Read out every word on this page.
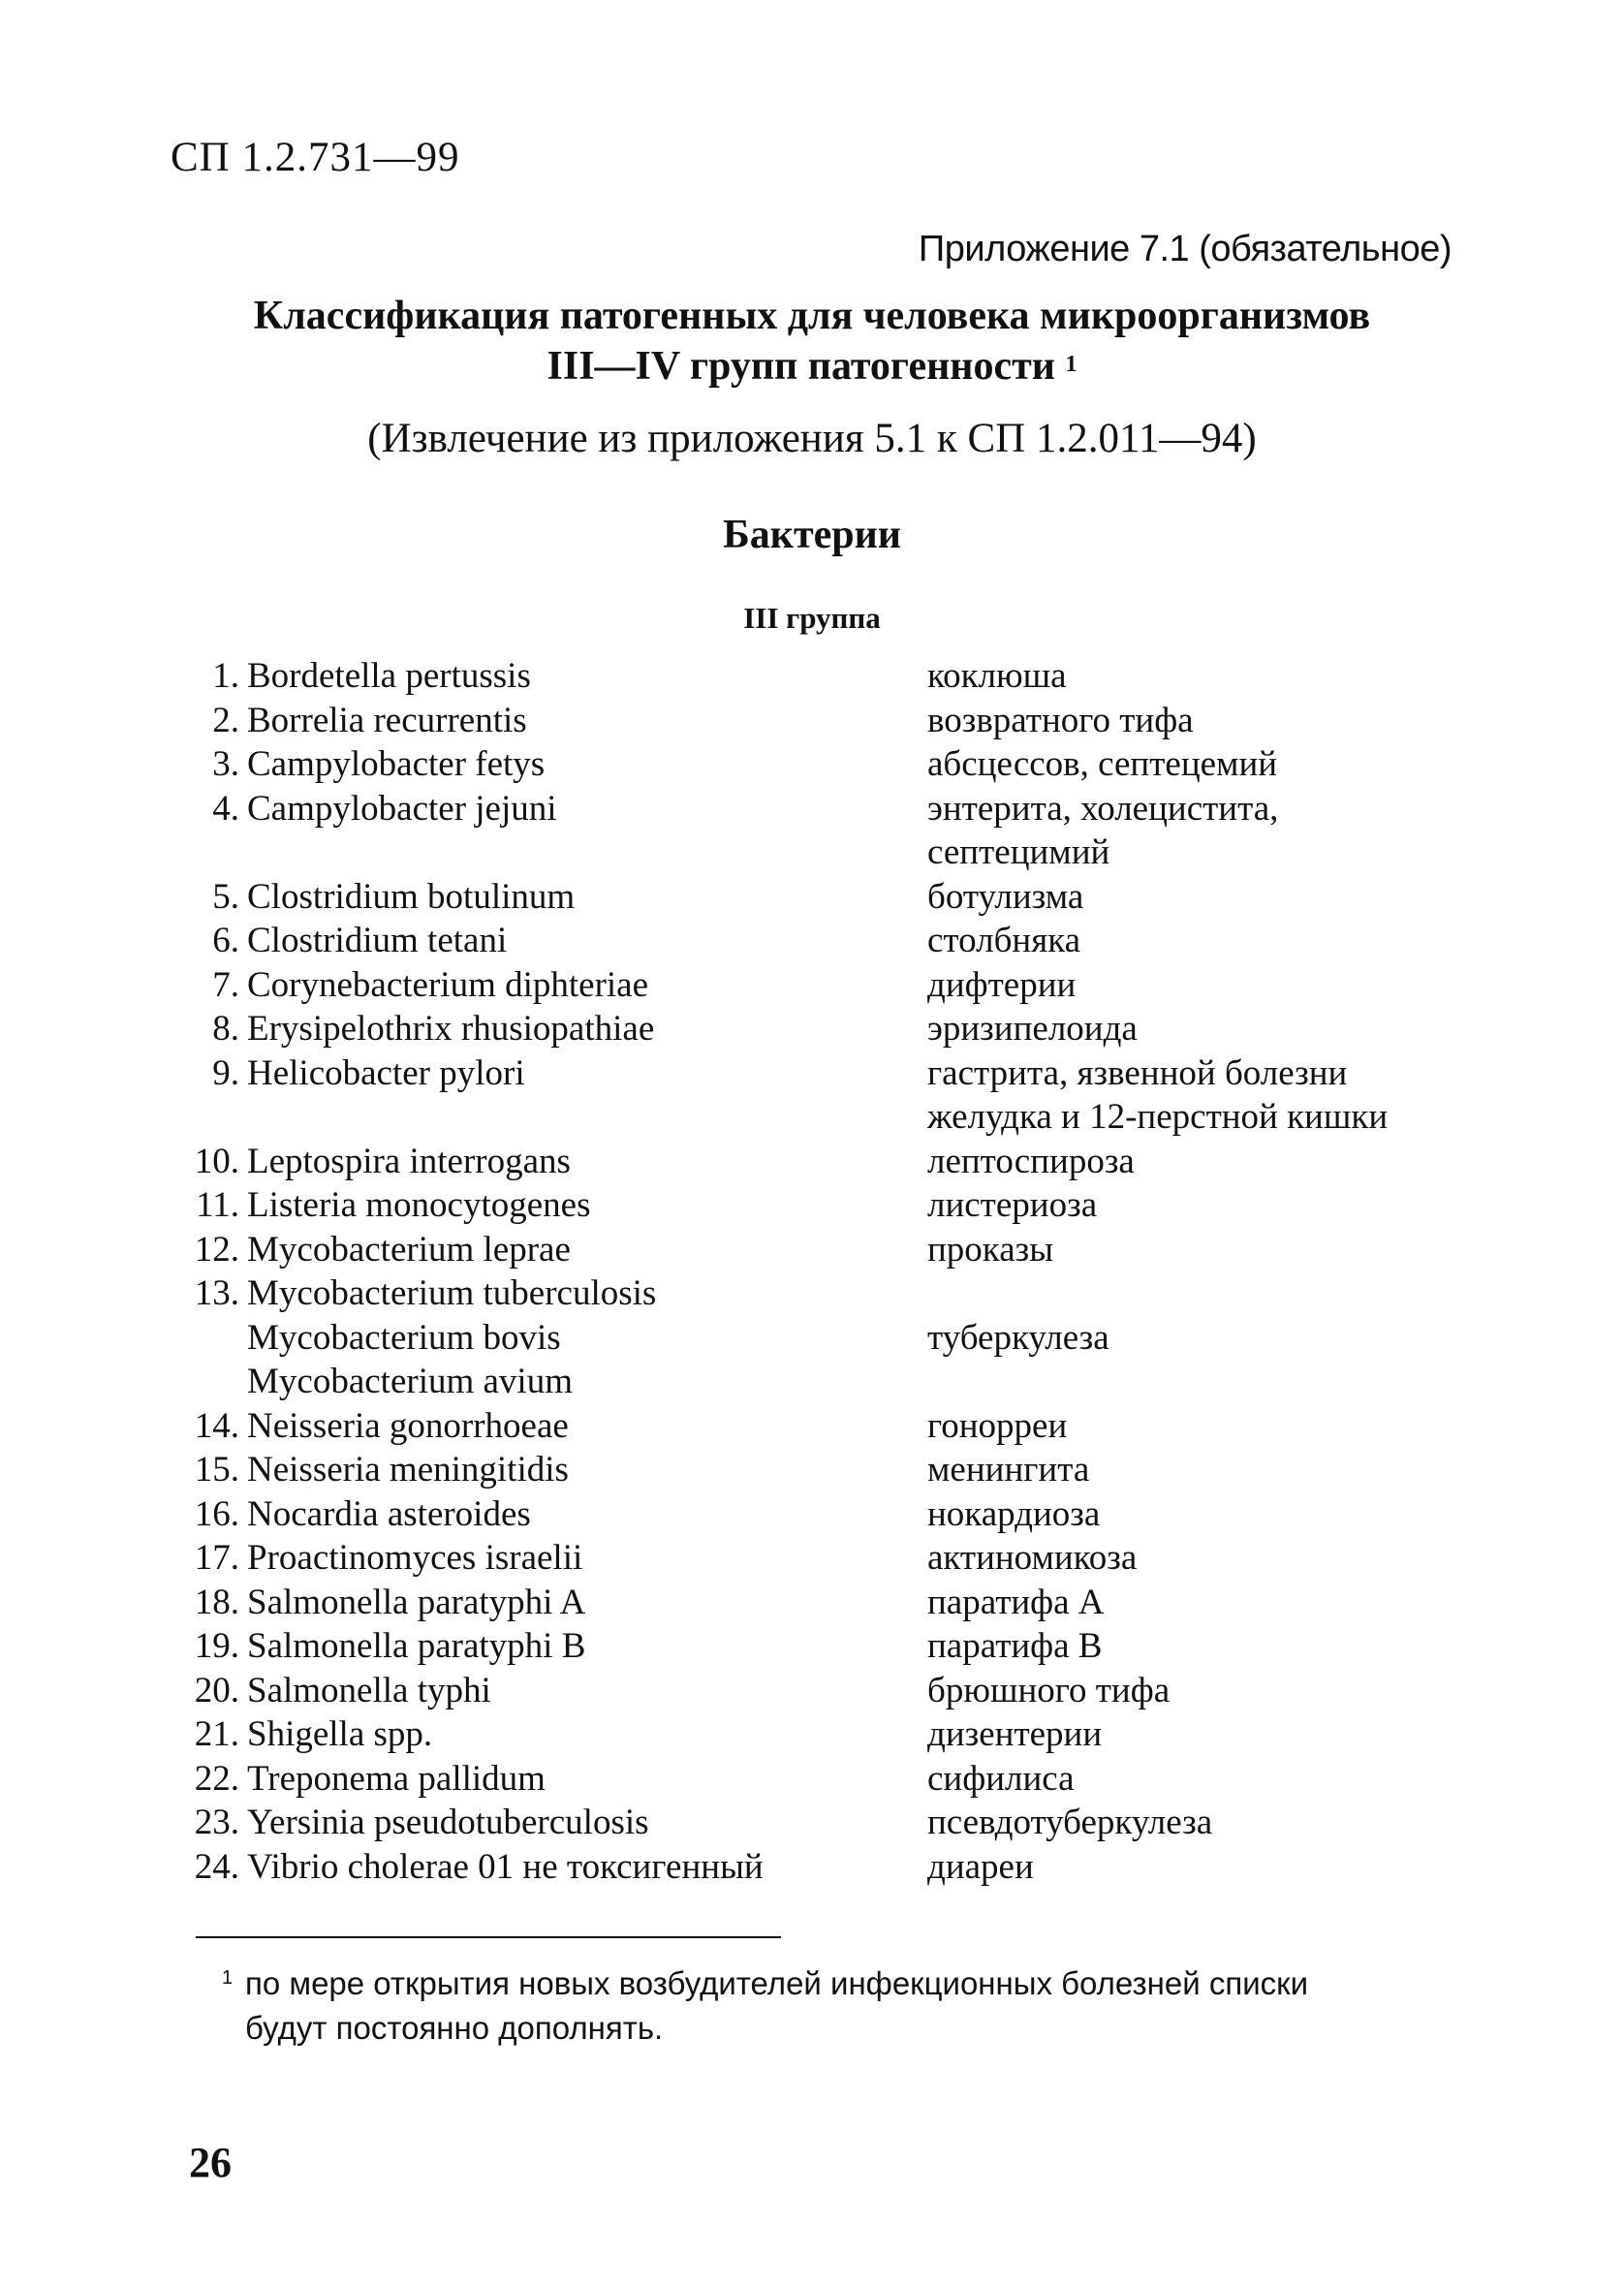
СП 1.2.731—99
Приложение 7.1 (обязательное)
Классификация патогенных для человека микроорганизмов
III—IV групп патогенности $^1$
(Извлечение из приложения 5.1 к СП 1.2.011—94)
Бактерии
III группа
1. Bordetella pertussis	коклюша
2. Borrelia recurrentis	возвратного тифа
3. Campylobacter fetys	абсцессов, септецемий
4. Campylobacter jejuni	энтерита, холецистита,
септецимий
5. Clostridium botulinum	ботулизма
6. Clostridium tetani	столбняка
7. Corynebacterium diphteriae	дифтерии
8. Erysipelothrix rhusiopathiae	эризипелоида
9. Helicobacter pylori	гастрита, язвенной болезни
желудка и 12-перстной кишки
10. Leptospira interrogans	лептоспироза
11. Listeria monocytogenes	листериоза
12. Mycobacterium leprae	проказы
13. Mycobacterium tuberculosis
Mycobacterium bovis	туберкулеза
Mycobacterium avium
14. Neisseria gonorrhoeae	гонорреи
15. Neisseria meningitidis	менингита
16. Nocardia asteroides	нокардиоза
17. Proactinomyces israelii	актиномикоза
18. Salmonella paratyphi A	паратифа A
19. Salmonella paratyphi B	паратифа B
20. Salmonella typhi	брюшного тифа
21. Shigella spp.	дизентерии
22. Treponema pallidum	сифилиса
23. Yersinia pseudotuberculosis	псевдотуберкулеза
24. Vibrio cholerae 01 не токсигенный	диареи
1 по мере открытия новых возбудителей инфекционных болезней списки
будут постоянно дополнять.
26
